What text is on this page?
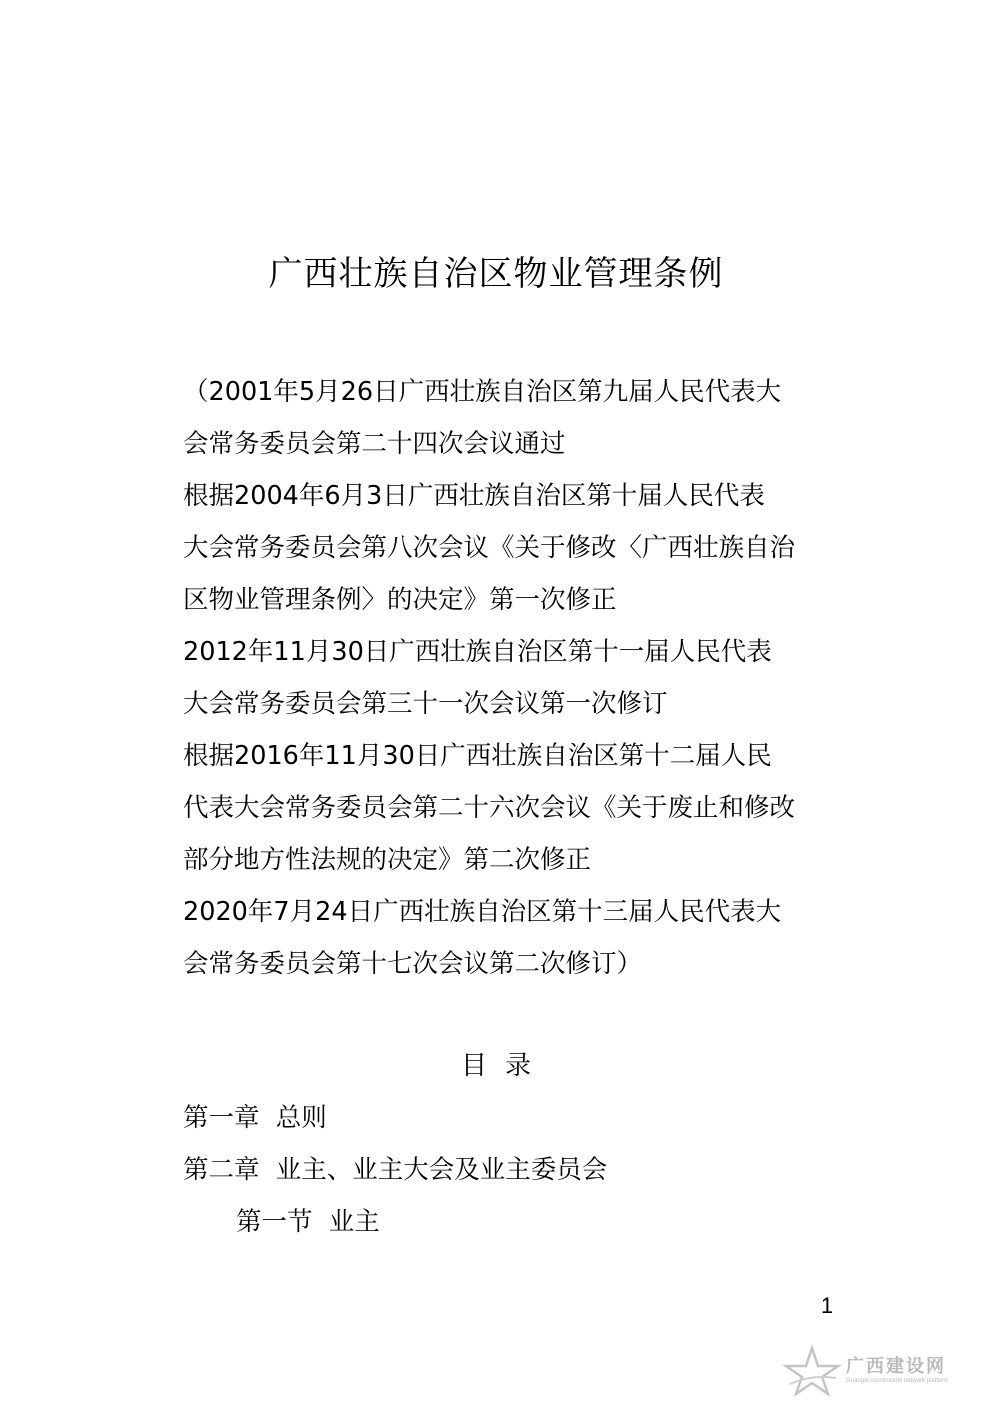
广西壮族自治区物业管理条例
（2001年5月26日广西壮族自治区第九届人民代表大
会常务委员会第二十四次会议通过
根据2004年6月3日广西壮族自治区第十届人民代表
大会常务委员会第八次会议《关于修改〈广西壮族自治
区物业管理条例〉的决定》第一次修正
2012年11月30日广西壮族自治区第十一届人民代表
大会常务委员会第三十一次会议第一次修订
根据2016年11月30日广西壮族自治区第十二届人民
代表大会常务委员会第二十六次会议《关于废止和修改
部分地方性法规的决定》第二次修正
2020年7月24日广西壮族自治区第十三届人民代表大
会常务委员会第十七次会议第二次修订）
目录
第一章  总则
第二章  业主、业主大会及业主委员会
第一节  业主
1
广西建设网
Guangxi construction network platform
